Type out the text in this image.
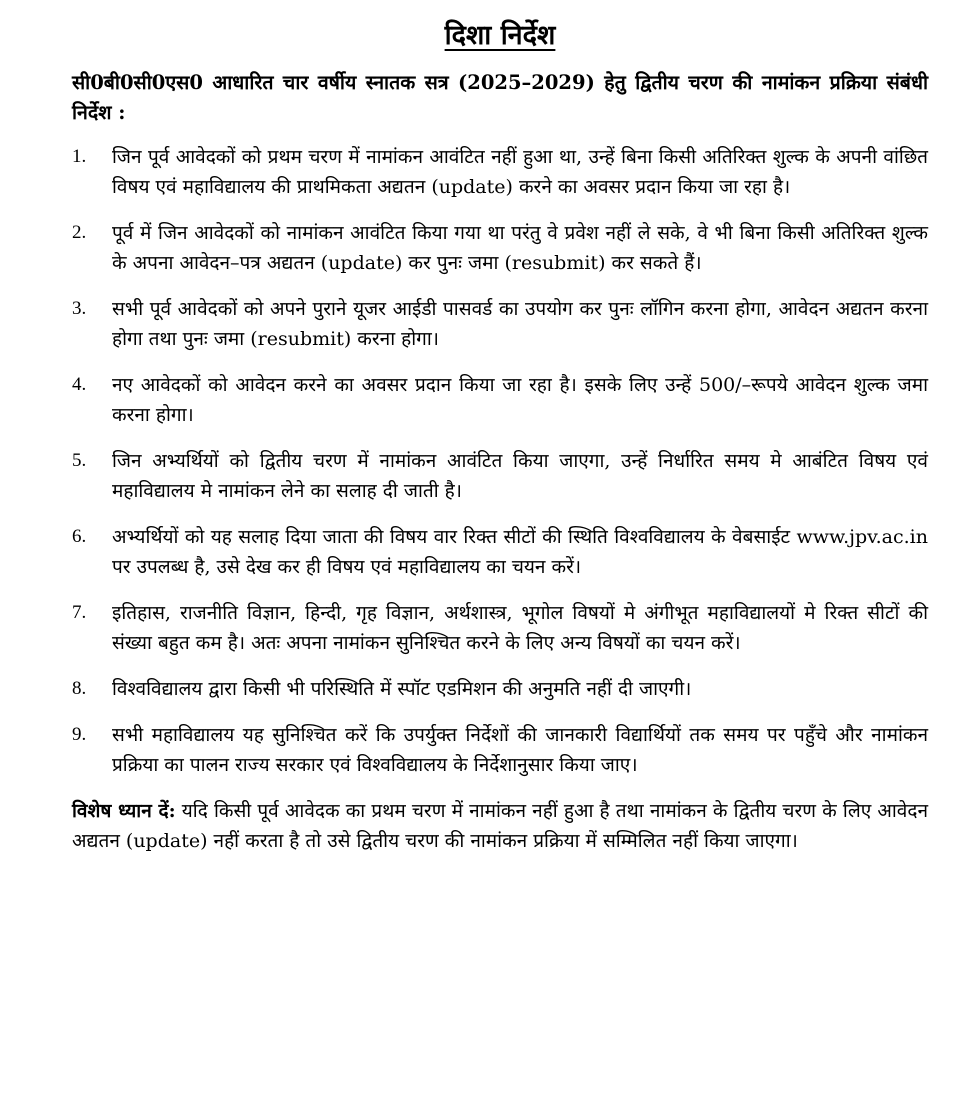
दिशा निर्देश

सी0बी0सी0एस0 आधारित चार वर्षीय स्नातक सत्र (2025–2029) हेतु द्वितीय चरण की नामांकन प्रक्रिया संबंधी निर्देश :

1.	जिन पूर्व आवेदकों को प्रथम चरण में नामांकन आवंटित नहीं हुआ था, उन्हें बिना किसी अतिरिक्त शुल्क के अपनी वांछित विषय एवं महाविद्यालय की प्राथमिकता अद्यतन (update) करने का अवसर प्रदान किया जा रहा है।
2.	पूर्व में जिन आवेदकों को नामांकन आवंटित किया गया था परंतु वे प्रवेश नहीं ले सके, वे भी बिना किसी अतिरिक्त शुल्क के अपना आवेदन–पत्र अद्यतन (update) कर पुनः जमा (resubmit) कर सकते हैं।
3.	सभी पूर्व आवेदकों को अपने पुराने यूजर आईडी पासवर्ड का उपयोग कर पुनः लॉगिन करना होगा, आवेदन अद्यतन करना होगा तथा पुनः जमा (resubmit) करना होगा।
4.	नए आवेदकों को आवेदन करने का अवसर प्रदान किया जा रहा है। इसके लिए उन्हें 500/–रूपये आवेदन शुल्क जमा करना होगा।
5.	जिन अभ्यर्थियों को द्वितीय चरण में नामांकन आवंटित किया जाएगा, उन्हें निर्धारित समय मे आबंटित विषय एवं महाविद्यालय मे नामांकन लेने का सलाह दी जाती है।
6.	अभ्यर्थियों को यह सलाह दिया जाता की विषय वार रिक्त सीटों की स्थिति विश्वविद्यालय के वेबसाईट www.jpv.ac.in पर उपलब्ध है, उसे देख कर ही विषय एवं महाविद्यालय का चयन करें।
7.	इतिहास, राजनीति विज्ञान, हिन्दी, गृह विज्ञान, अर्थशास्त्र, भूगोल विषयों मे अंगीभूत महाविद्यालयों मे रिक्त सीटों की संख्या बहुत कम है। अतः अपना नामांकन सुनिश्चित करने के लिए अन्य विषयों का चयन करें।
8.	विश्वविद्यालय द्वारा किसी भी परिस्थिति में स्पॉट एडमिशन की अनुमति नहीं दी जाएगी।
9.	सभी महाविद्यालय यह सुनिश्चित करें कि उपर्युक्त निर्देशों की जानकारी विद्यार्थियों तक समय पर पहुँचे और नामांकन प्रक्रिया का पालन राज्य सरकार एवं विश्वविद्यालय के निर्देशानुसार किया जाए।

विशेष ध्यान दें: यदि किसी पूर्व आवेदक का प्रथम चरण में नामांकन नहीं हुआ है तथा नामांकन के द्वितीय चरण के लिए आवेदन अद्यतन (update) नहीं करता है तो उसे द्वितीय चरण की नामांकन प्रक्रिया में सम्मिलित नहीं किया जाएगा।
